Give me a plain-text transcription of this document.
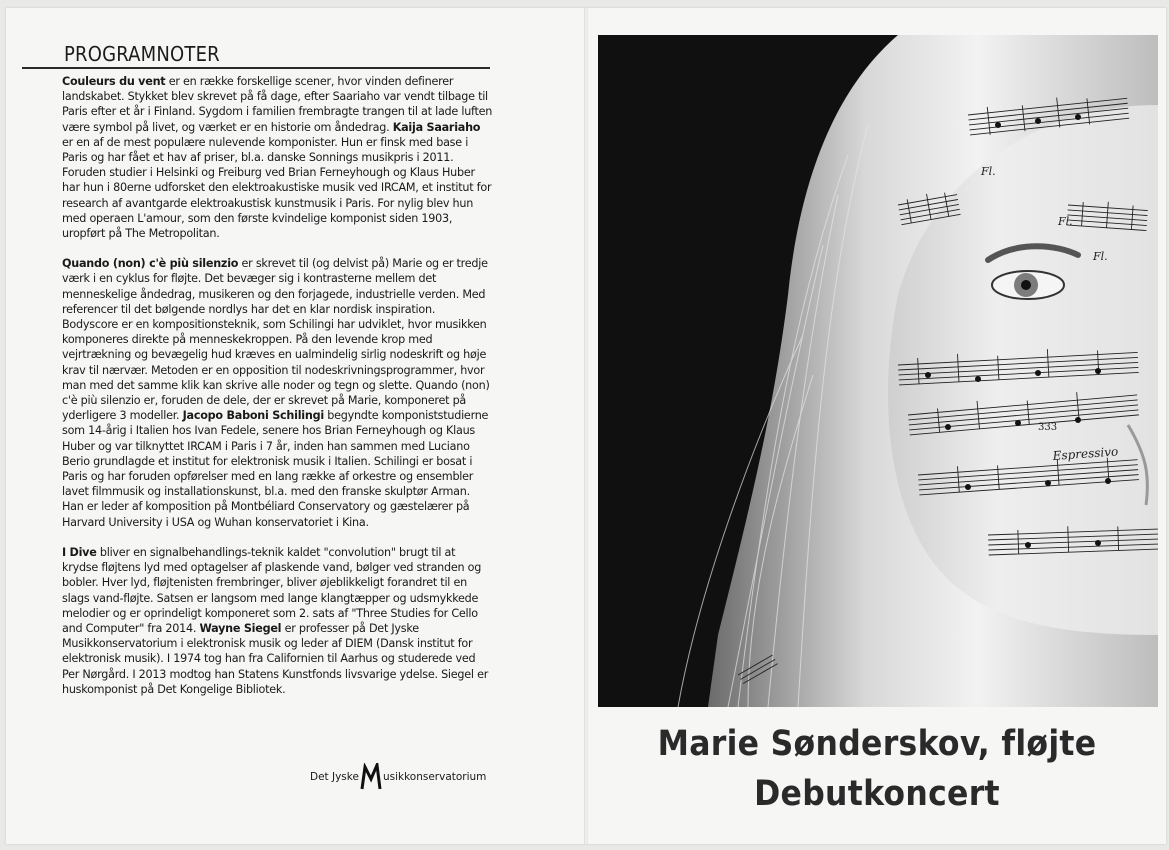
PROGRAMNOTER

Couleurs du vent er en række forskellige scener, hvor vinden definerer landskabet. Stykket blev skrevet på få dage, efter Saariaho var vendt tilbage til Paris efter et år i Finland. Sygdom i familien frembragte trangen til at lade luften være symbol på livet, og værket er en historie om åndedrag. Kaija Saariaho er en af de mest populære nulevende komponister. Hun er finsk med base i Paris og har fået et hav af priser, bl.a. danske Sonnings musikpris i 2011. Foruden studier i Helsinki og Freiburg ved Brian Ferneyhough og Klaus Huber har hun i 80erne udforsket den elektroakustiske musik ved IRCAM, et institut for research af avantgarde elektroakustisk kunstmusik i Paris. For nylig blev hun med operaen L'amour, som den første kvindelige komponist siden 1903, uropført på The Metropolitan.

Quando (non) c'è più silenzio er skrevet til (og delvist på) Marie og er tredje værk i en cyklus for fløjte. Det bevæger sig i kontrasterne mellem det menneskelige åndedrag, musikeren og den forjagede, industrielle verden. Med referencer til det bølgende nordlys har det en klar nordisk inspiration. Bodyscore er en kompositionsteknik, som Schilingi har udviklet, hvor musikken komponeres direkte på menneskekroppen. På den levende krop med vejrtrækning og bevægelig hud kræves en ualmindelig sirlig nodeskrift og høje krav til nærvær. Metoden er en opposition til nodeskrivningsprogrammer, hvor man med det samme klik kan skrive alle noder og tegn og slette. Quando (non) c'è più silenzio er, foruden de dele, der er skrevet på Marie, komponeret på yderligere 3 modeller. Jacopo Baboni Schilingi begyndte komponiststudierne som 14-årig i Italien hos Ivan Fedele, senere hos Brian Ferneyhough og Klaus Huber og var tilknyttet IRCAM i Paris i 7 år, inden han sammen med Luciano Berio grundlagde et institut for elektronisk musik i Italien. Schilingi er bosat i Paris og har foruden opførelser med en lang række af orkestre og ensembler lavet filmmusik og installationskunst, bl.a. med den franske skulptør Arman. Han er leder af komposition på Montbéliard Conservatory og gæstelærer på Harvard University i USA og Wuhan konservatoriet i Kina.

I Dive bliver en signalbehandlings-teknik kaldet "convolution" brugt til at krydse fløjtens lyd med optagelser af plaskende vand, bølger ved stranden og bobler. Hver lyd, fløjtenisten frembringer, bliver øjeblikkeligt forandret til en slags vand-fløjte. Satsen er langsom med lange klangtæpper og udsmykkede melodier og er oprindeligt komponeret som 2. sats af "Three Studies for Cello and Computer" fra 2014. Wayne Siegel er professer på Det Jyske Musikkonservatorium i elektronisk musik og leder af DIEM (Dansk institut for elektronisk musik). I 1974 tog han fra Californien til Aarhus og studerede ved Per Nørgård. I 2013 modtog han Statens Kunstfonds livsvarige ydelse. Siegel er huskomponist på Det Kongelige Bibliotek.

Det Jyske usikkonservatorium
Fl.
Fl.
Fl.
Espressivo
333
Marie Sønderskov, fløjte
Debutkoncert
